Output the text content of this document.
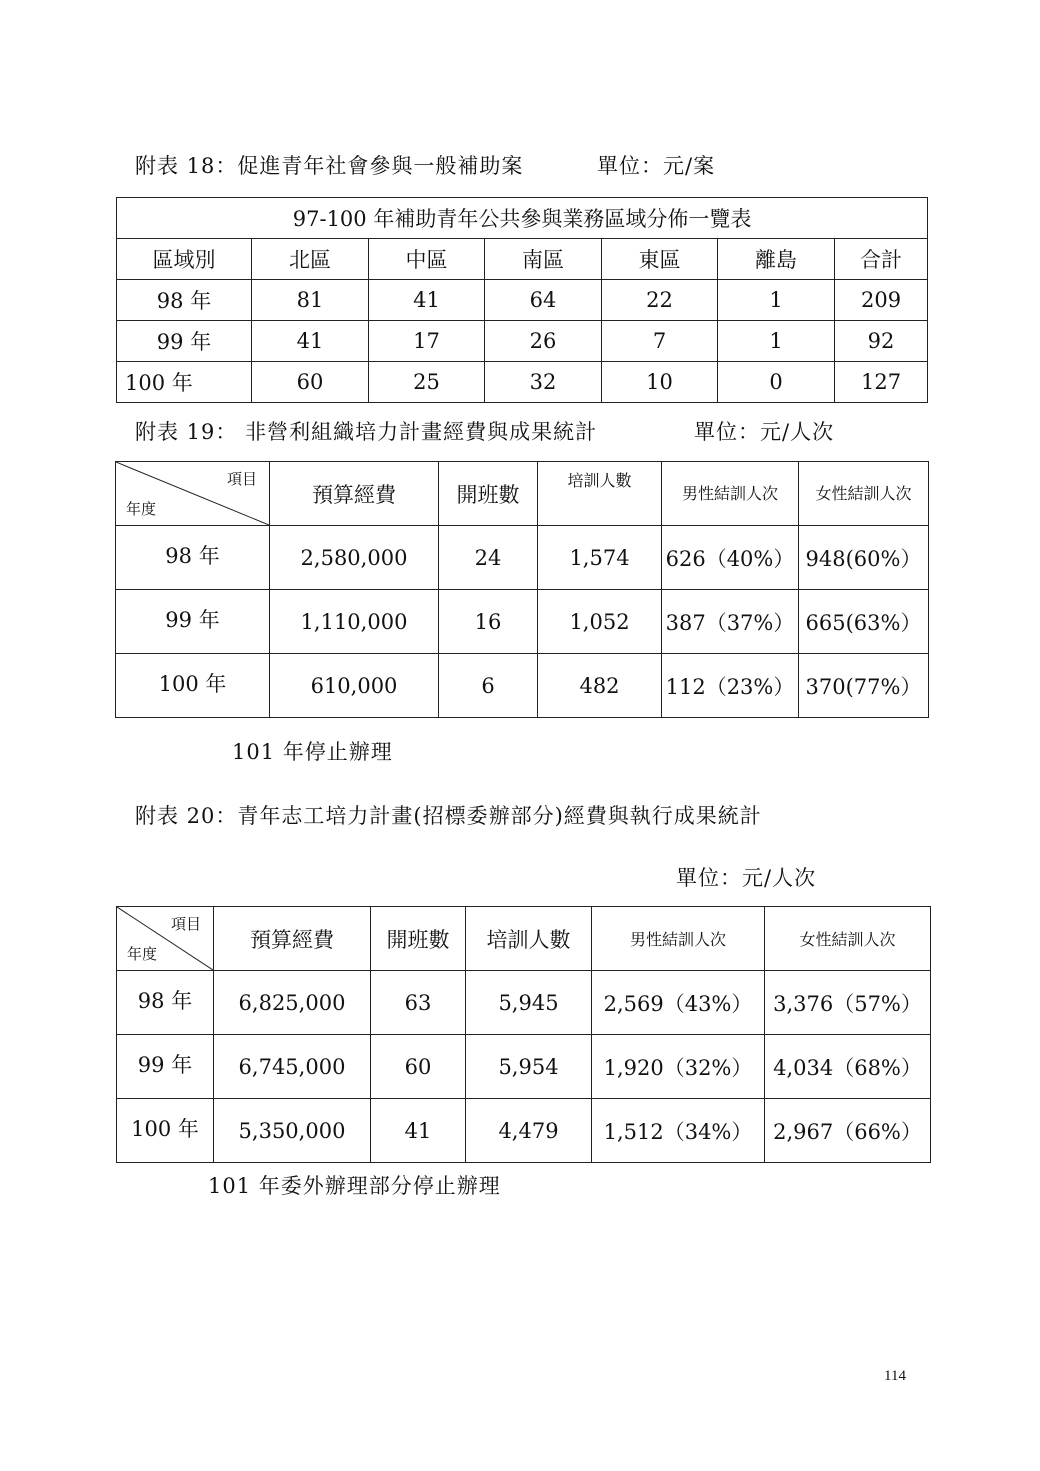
附表 18：促進青年社會參與一般補助案	單位：元/案
97-100 年補助青年公共參與業務區域分佈一覽表						
區域別	北區	中區	南區	東區	離島	合計
98 年	81	41	64	22	1	209
99 年	41	17	26	7	1	92
100 年	60	25	32	10	0	127
附表 19： 非營利組織培力計畫經費與成果統計	單位：元/人次
項目
年度	預算經費	開班數	培訓人數	男性結訓人次	女性結訓人次
98 年	2,580,000	24	1,574	626（40%）	948(60%）
99 年	1,110,000	16	1,052	387（37%）	665(63%）
100 年	610,000	6	482	112（23%）	370(77%）
101 年停止辦理
附表 20：青年志工培力計畫(招標委辦部分)經費與執行成果統計
單位：元/人次
項目
年度	預算經費	開班數	培訓人數	男性結訓人次	女性結訓人次
98 年	6,825,000	63	5,945	2,569（43%）	3,376（57%）
99 年	6,745,000	60	5,954	1,920（32%）	4,034（68%）
100 年	5,350,000	41	4,479	1,512（34%）	2,967（66%）
101 年委外辦理部分停止辦理
114
